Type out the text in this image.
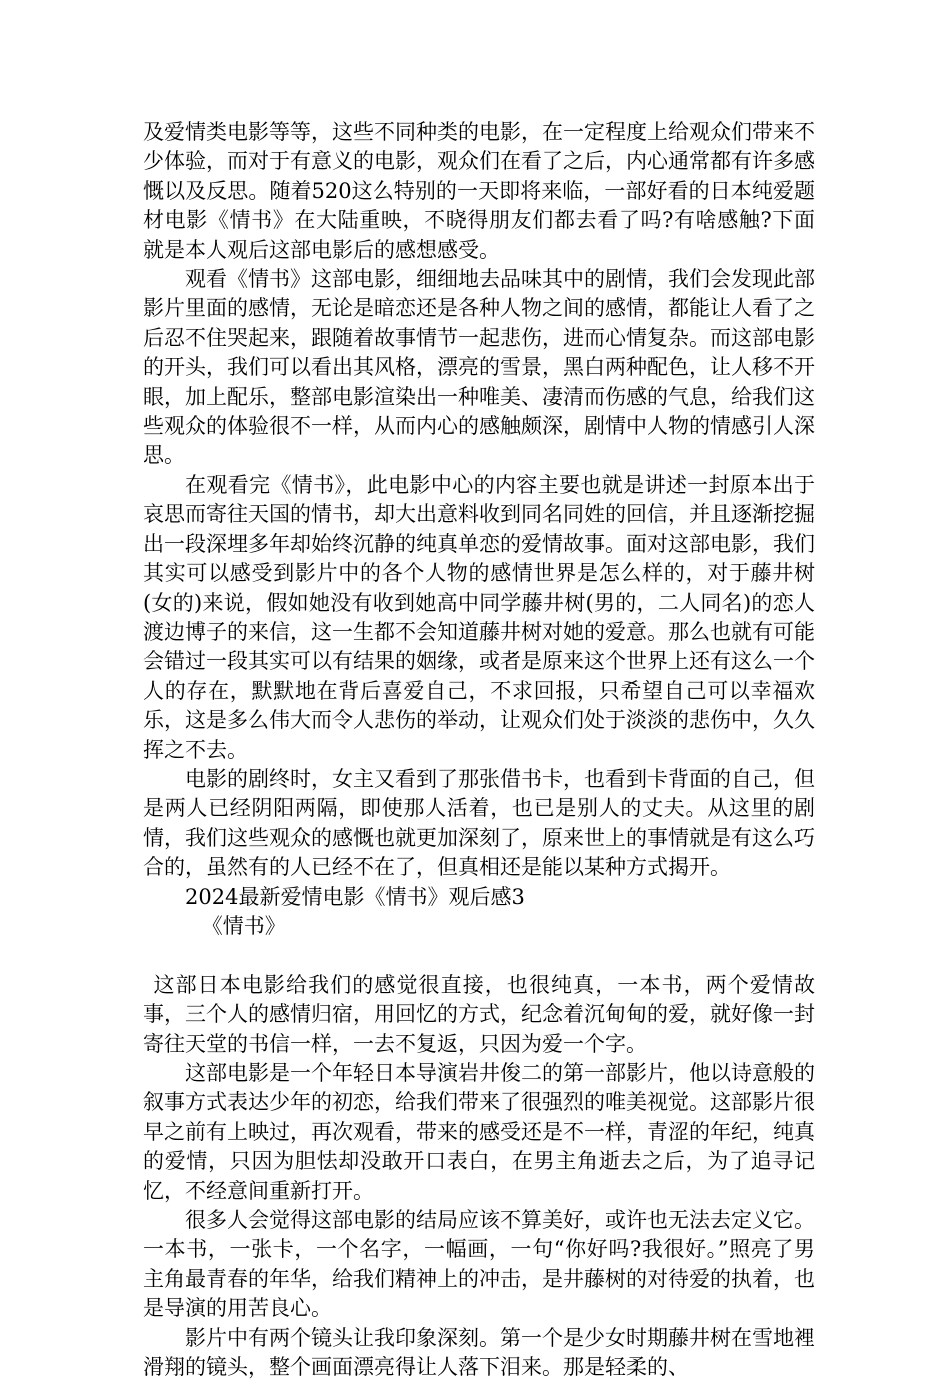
及爱情类电影等等，这些不同种类的电影，在一定程度上给观众们带来不少体验，而对于有意义的电影，观众们在看了之后，内心通常都有许多感慨以及反思。随着520这么特别的一天即将来临，一部好看的日本纯爱题材电影《情书》在大陆重映，不晓得朋友们都去看了吗?有啥感触?下面就是本人观后这部电影后的感想感受。

观看《情书》这部电影，细细地去品味其中的剧情，我们会发现此部影片里面的感情，无论是暗恋还是各种人物之间的感情，都能让人看了之后忍不住哭起来，跟随着故事情节一起悲伤，进而心情复杂。而这部电影的开头，我们可以看出其风格，漂亮的雪景，黑白两种配色，让人移不开眼，加上配乐，整部电影渲染出一种唯美、凄清而伤感的气息，给我们这些观众的体验很不一样，从而内心的感触颇深，剧情中人物的情感引人深思。

在观看完《情书》，此电影中心的内容主要也就是讲述一封原本出于哀思而寄往天国的情书，却大出意料收到同名同姓的回信，并且逐渐挖掘出一段深埋多年却始终沉静的纯真单恋的爱情故事。面对这部电影，我们其实可以感受到影片中的各个人物的感情世界是怎么样的，对于藤井树(女的)来说，假如她没有收到她高中同学藤井树(男的，二人同名)的恋人渡边博子的来信，这一生都不会知道藤井树对她的爱意。那么也就有可能会错过一段其实可以有结果的姻缘，或者是原来这个世界上还有这么一个人的存在，默默地在背后喜爱自己，不求回报，只希望自己可以幸福欢乐，这是多么伟大而令人悲伤的举动，让观众们处于淡淡的悲伤中，久久挥之不去。

电影的剧终时，女主又看到了那张借书卡，也看到卡背面的自己，但是两人已经阴阳两隔，即使那人活着，也已是别人的丈夫。从这里的剧情，我们这些观众的感慨也就更加深刻了，原来世上的事情就是有这么巧合的，虽然有的人已经不在了，但真相还是能以某种方式揭开。

2024最新爱情电影《情书》观后感3

《情书》

这部日本电影给我们的感觉很直接，也很纯真，一本书，两个爱情故事，三个人的感情归宿，用回忆的方式，纪念着沉甸甸的爱，就好像一封寄往天堂的书信一样，一去不复返，只因为爱一个字。

这部电影是一个年轻日本导演岩井俊二的第一部影片，他以诗意般的叙事方式表达少年的初恋，给我们带来了很强烈的唯美视觉。这部影片很早之前有上映过，再次观看，带来的感受还是不一样，青涩的年纪，纯真的爱情，只因为胆怯却没敢开口表白，在男主角逝去之后，为了追寻记忆，不经意间重新打开。

很多人会觉得这部电影的结局应该不算美好，或许也无法去定义它。一本书，一张卡，一个名字，一幅画，一句“你好吗?我很好。”照亮了男主角最青春的年华，给我们精神上的冲击，是井藤树的对待爱的执着，也是导演的用苦良心。

影片中有两个镜头让我印象深刻。第一个是少女时期藤井树在雪地裡滑翔的镜头，整个画面漂亮得让人落下泪来。那是轻柔的、
